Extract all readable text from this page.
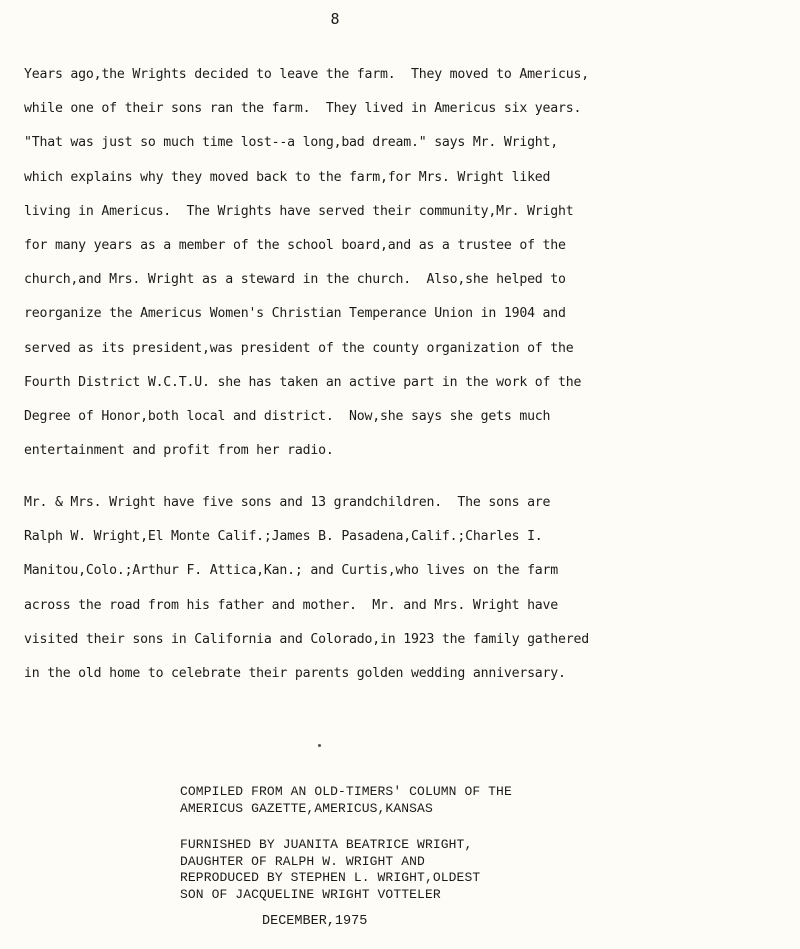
8
Years ago,the Wrights decided to leave the farm.  They moved to Americus,
while one of their sons ran the farm.  They lived in Americus six years.
"That was just so much time lost--a long,bad dream." says Mr. Wright,
which explains why they moved back to the farm,for Mrs. Wright liked
living in Americus.  The Wrights have served their community,Mr. Wright
for many years as a member of the school board,and as a trustee of the
church,and Mrs. Wright as a steward in the church.  Also,she helped to
reorganize the Americus Women's Christian Temperance Union in 1904 and
served as its president,was president of the county organization of the
Fourth District W.C.T.U. she has taken an active part in the work of the
Degree of Honor,both local and district.  Now,she says she gets much
entertainment and profit from her radio.
Mr. & Mrs. Wright have five sons and 13 grandchildren.  The sons are
Ralph W. Wright,El Monte Calif.;James B. Pasadena,Calif.;Charles I.
Manitou,Colo.;Arthur F. Attica,Kan.; and Curtis,who lives on the farm
across the road from his father and mother.  Mr. and Mrs. Wright have
visited their sons in California and Colorado,in 1923 the family gathered
in the old home to celebrate their parents golden wedding anniversary.
COMPILED FROM AN OLD-TIMERS' COLUMN OF THE
AMERICUS GAZETTE,AMERICUS,KANSAS
FURNISHED BY JUANITA BEATRICE WRIGHT,
DAUGHTER OF RALPH W. WRIGHT AND
REPRODUCED BY STEPHEN L. WRIGHT,OLDEST
SON OF JACQUELINE WRIGHT VOTTELER
DECEMBER,1975
